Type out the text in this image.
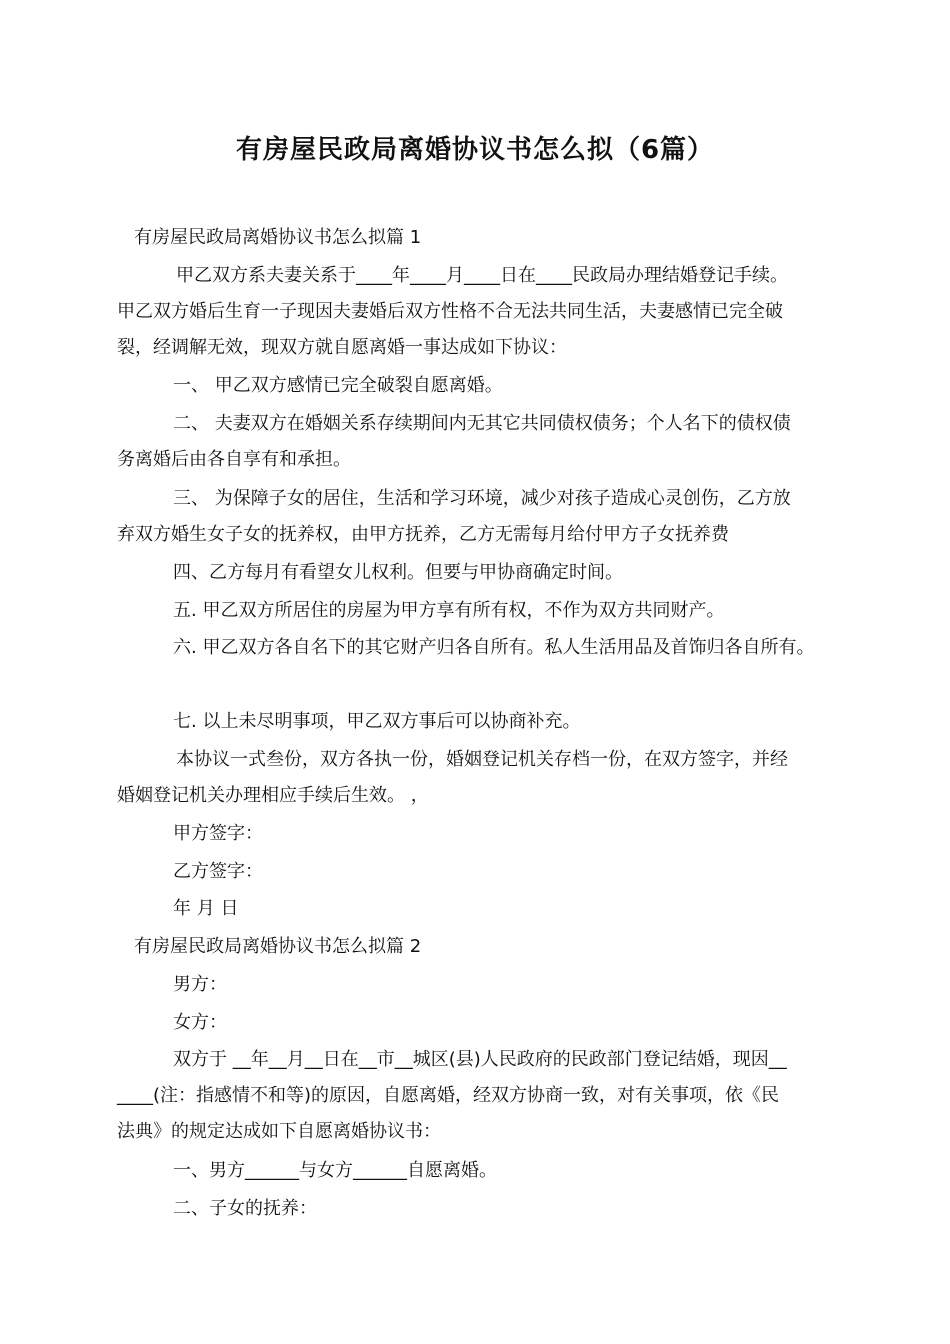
有房屋民政局离婚协议书怎么拟（6篇）

有房屋民政局离婚协议书怎么拟篇 1

甲乙双方系夫妻关系于____年____月____日在____民政局办理结婚登记手续。

甲乙双方婚后生育一子现因夫妻婚后双方性格不合无法共同生活，夫妻感情已完全破

裂，经调解无效，现双方就自愿离婚一事达成如下协议：

一、 甲乙双方感情已完全破裂自愿离婚。

二、 夫妻双方在婚姻关系存续期间内无其它共同债权债务；个人名下的债权债

务离婚后由各自享有和承担。

三、 为保障子女的居住，生活和学习环境，减少对孩子造成心灵创伤，乙方放

弃双方婚生女子女的抚养权，由甲方抚养，乙方无需每月给付甲方子女抚养费

四、乙方每月有看望女儿权利。但要与甲协商确定时间。

五. 甲乙双方所居住的房屋为甲方享有所有权，不作为双方共同财产。

六. 甲乙双方各自名下的其它财产归各自所有。私人生活用品及首饰归各自所有。

七. 以上未尽明事项，甲乙双方事后可以协商补充。

本协议一式叁份，双方各执一份，婚姻登记机关存档一份，在双方签字，并经

婚姻登记机关办理相应手续后生效。 ，

甲方签字：

乙方签字：

年 月 日

有房屋民政局离婚协议书怎么拟篇 2

男方：

女方：

双方于 __年__月__日在__市__城区(县)人民政府的民政部门登记结婚，现因__

____(注：指感情不和等)的原因，自愿离婚，经双方协商一致，对有关事项，依《民

法典》的规定达成如下自愿离婚协议书：

一、男方______与女方______自愿离婚。

二、子女的抚养：
